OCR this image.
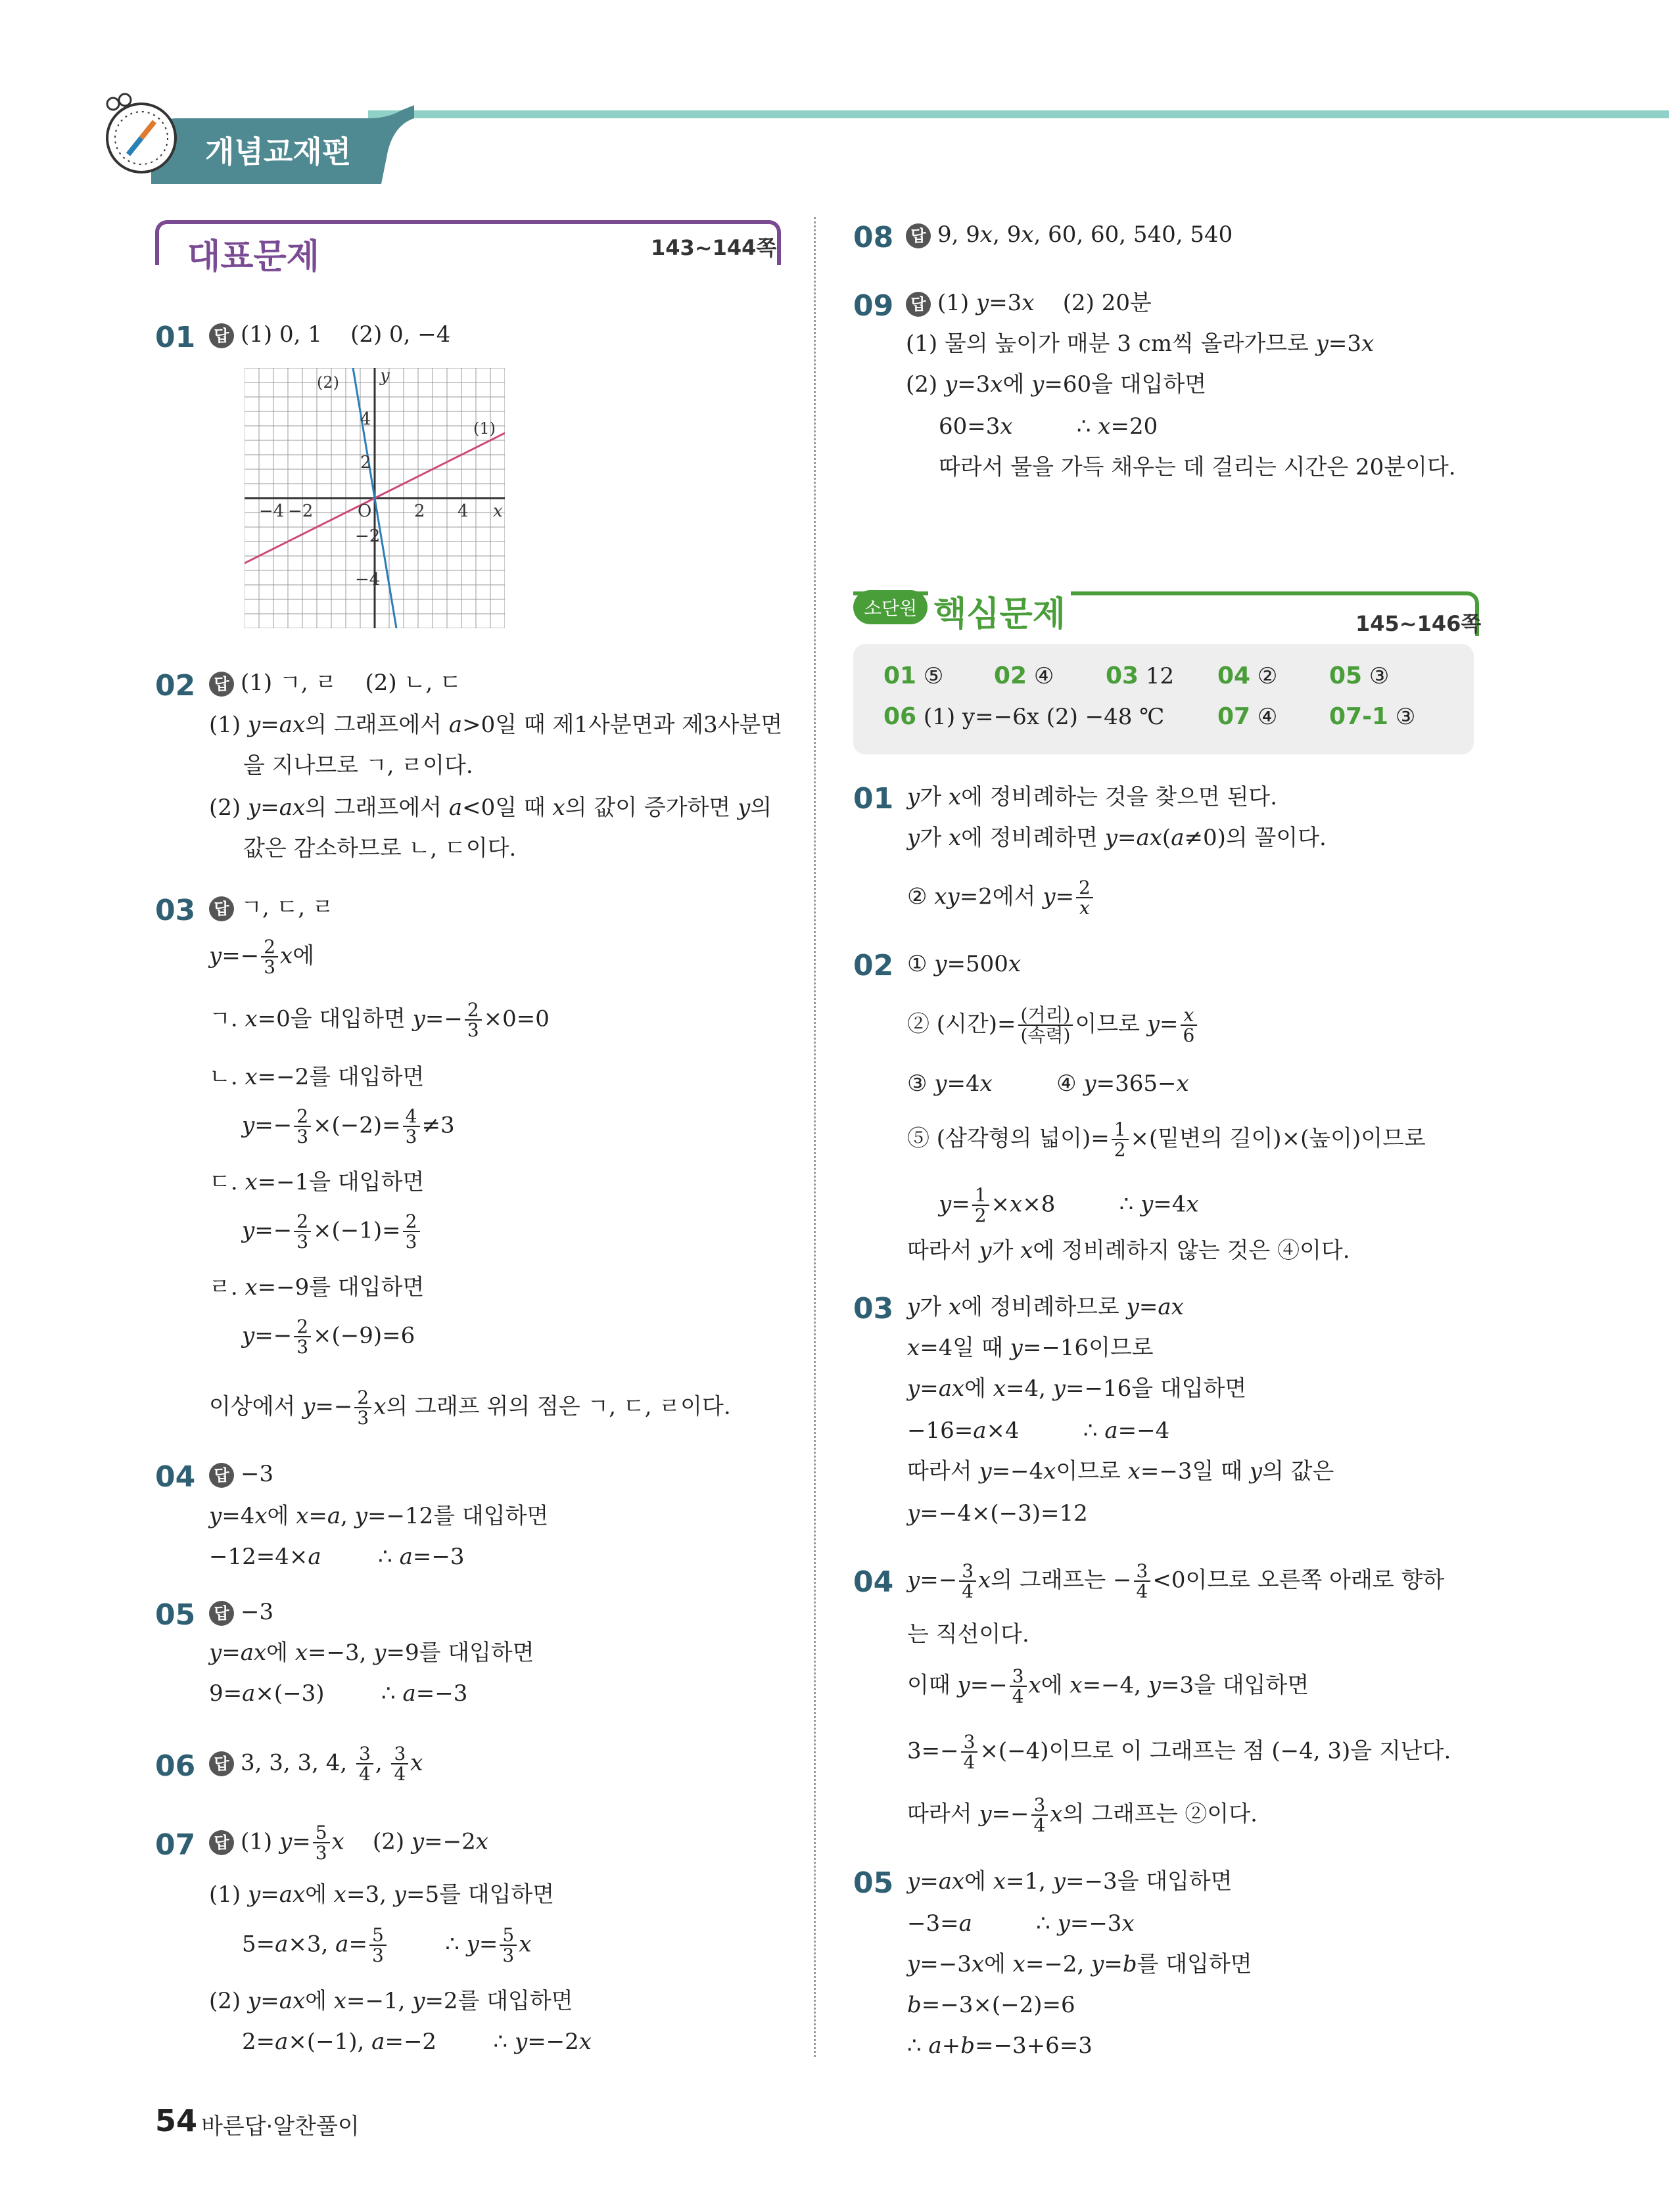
개념교재편
대표문제	143~144쪽
01	답 (1) 0, 1    (2) 0, −4
−4 −2	O 2 4 x
y
4
2
−2
−4
(2)
(1)
02	답 (1) ㄱ, ㄹ    (2) ㄴ, ㄷ
(1) y=ax의 그래프에서 a>0일 때 제1사분면과 제3사분면
을 지나므로 ㄱ, ㄹ이다.
(2) y=ax의 그래프에서 a<0일 때 x의 값이 증가하면 y의
값은 감소하므로 ㄴ, ㄷ이다.
03	답 ㄱ, ㄷ, ㄹ
$y=- \frac{2}{3}$ x에
ㄱ. x=0을 대입하면 $y=- \frac{2}{3} \times 0=0$
ㄴ. x=−2를 대입하면
$y=- \frac{2}{3} \times(-2)= \frac{4}{3} \ne 3$
ㄷ. x=−1을 대입하면
$y=- \frac{2}{3} \times(-1)= \frac{2}{3}$
ㄹ. x=−9를 대입하면
$y=- \frac{2}{3} \times(-9)=6$
이상에서 $y=- \frac{2}{3}$ x의 그래프 위의 점은 ㄱ, ㄷ, ㄹ이다.
04	답 −3
y=4x에 x=a, y=−12를 대입하면
−12=4×a        ∴ a=−3
05	답 −3
y=ax에 x=−3, y=9를 대입하면
9=a×(−3)        ∴ a=−3
06	답 3, 3, 3, 4, $\frac{3}{4}$ , $\frac{3}{4}$ x
07	답 (1) $y= \frac{5}{3}$ x    (2) y=−2x
(1) y=ax에 x=3, y=5를 대입하면
5=a×3, $a= \frac{5}{3}$ ∴ $y= \frac{5}{3}$ x
(2) y=ax에 x=−1, y=2를 대입하면
2=a×(−1), a=−2        ∴ y=−2x
08	답 9, 9x, 9x, 60, 60, 540, 540
09	답 (1) y=3x    (2) 20분
(1) 물의 높이가 매분 3 cm씩 올라가므로 y=3x
(2) y=3x에 y=60을 대입하면
60=3x         ∴ x=20
따라서 물을 가득 채우는 데 걸리는 시간은 20분이다.
소단원 핵심문제	145~146쪽
01 ⑤ 02 ④ 03 12 04 ② 05 ③
06 (1) y=−6x (2) −48 ℃ 07 ④ 07-1 ③
01 y가 x에 정비례하는 것을 찾으면 된다.
y가 x에 정비례하면 y=ax(a≠0)의 꼴이다.
② xy=2에서 $y= \frac{2}{x}$
02 ① y=500x
② (시간)= $\frac{\text{(거리)}}{\text{(속력)}}$ 이므로 $y= \frac{x}{6}$
③ y=4x         ④ y=365−x
⑤ (삼각형의 넓이)= $\frac{1}{2}$ ×(밑변의 길이)×(높이)이므로
$y= \frac{1}{2} \times x\times 8$         ∴ y=4x
따라서 y가 x에 정비례하지 않는 것은 ④이다.
03 y가 x에 정비례하므로 y=ax
x=4일 때 y=−16이므로
y=ax에 x=4, y=−16을 대입하면
−16=a×4         ∴ a=−4
따라서 y=−4x이므로 x=−3일 때 y의 값은
y=−4×(−3)=12
04 $y=- \frac{3}{4}$ x의 그래프는 − $\frac{3}{4} <0$이므로 오른쪽 아래로 향하
는 직선이다.
이때 $y=- \frac{3}{4}$ x에 x=−4, y=3을 대입하면
$3=- \frac{3}{4} \times(-4)$이므로 이 그래프는 점 (−4, 3)을 지난다.
따라서 $y=- \frac{3}{4}$ x의 그래프는 ②이다.
05 y=ax에 x=1, y=−3을 대입하면
−3=a         ∴ y=−3x
y=−3x에 x=−2, y=b를 대입하면
b=−3×(−2)=6
∴ a+b=−3+6=3
54 바른답·알찬풀이
